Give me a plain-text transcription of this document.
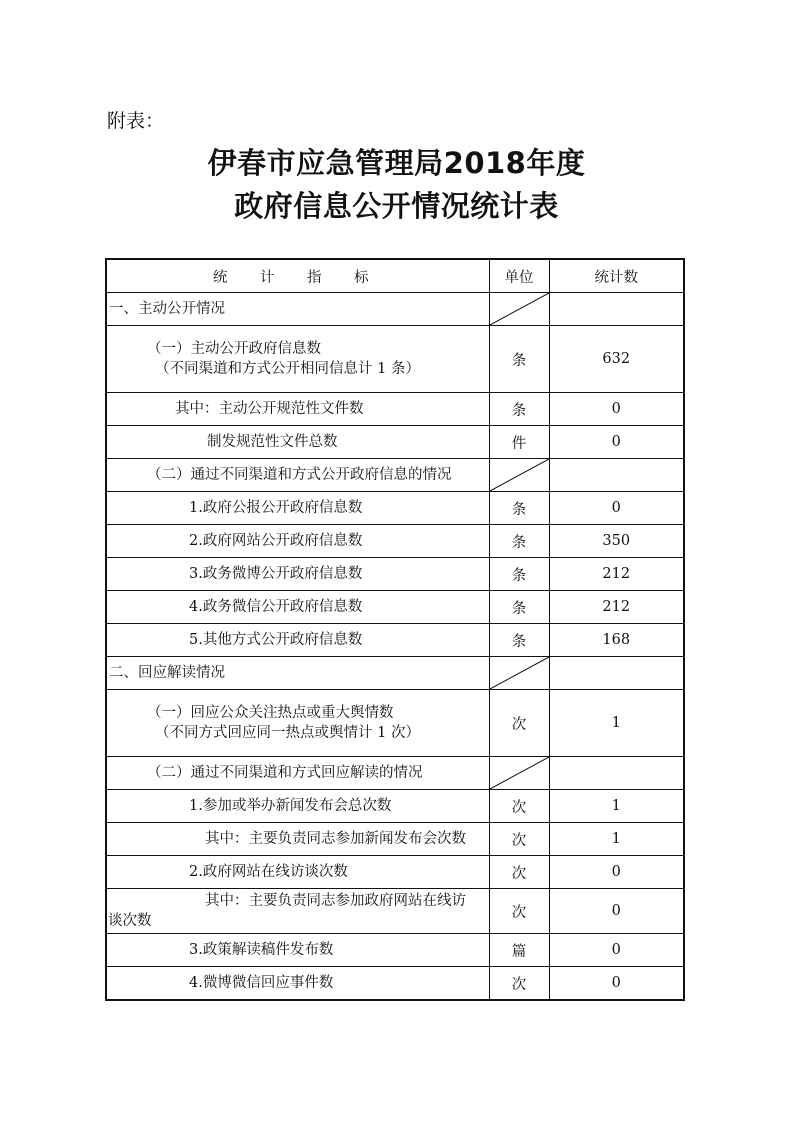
附表：
伊春市应急管理局2018年度
政府信息公开情况统计表
统 计 指 标	单位	统计数
一、主动公开情况	

（一）主动公开政府信息数
（不同渠道和方式公开相同信息计 1 条）	条	632
其中：主动公开规范性文件数	条	0
制发规范性文件总数	件	0
（二）通过不同渠道和方式公开政府信息的情况	

1.政府公报公开政府信息数	条	0
2.政府网站公开政府信息数	条	350
3.政务微博公开政府信息数	条	212
4.政务微信公开政府信息数	条	212
5.其他方式公开政府信息数	条	168
二、回应解读情况	

（一）回应公众关注热点或重大舆情数
（不同方式回应同一热点或舆情计 1 次）	次	1
（二）通过不同渠道和方式回应解读的情况	

1.参加或举办新闻发布会总次数	次	1
其中：主要负责同志参加新闻发布会次数	次	1
2.政府网站在线访谈次数	次	0

其中：主要负责同志参加政府网站在线访
谈次数	次	0
3.政策解读稿件发布数	篇	0
4.微博微信回应事件数	次	0
